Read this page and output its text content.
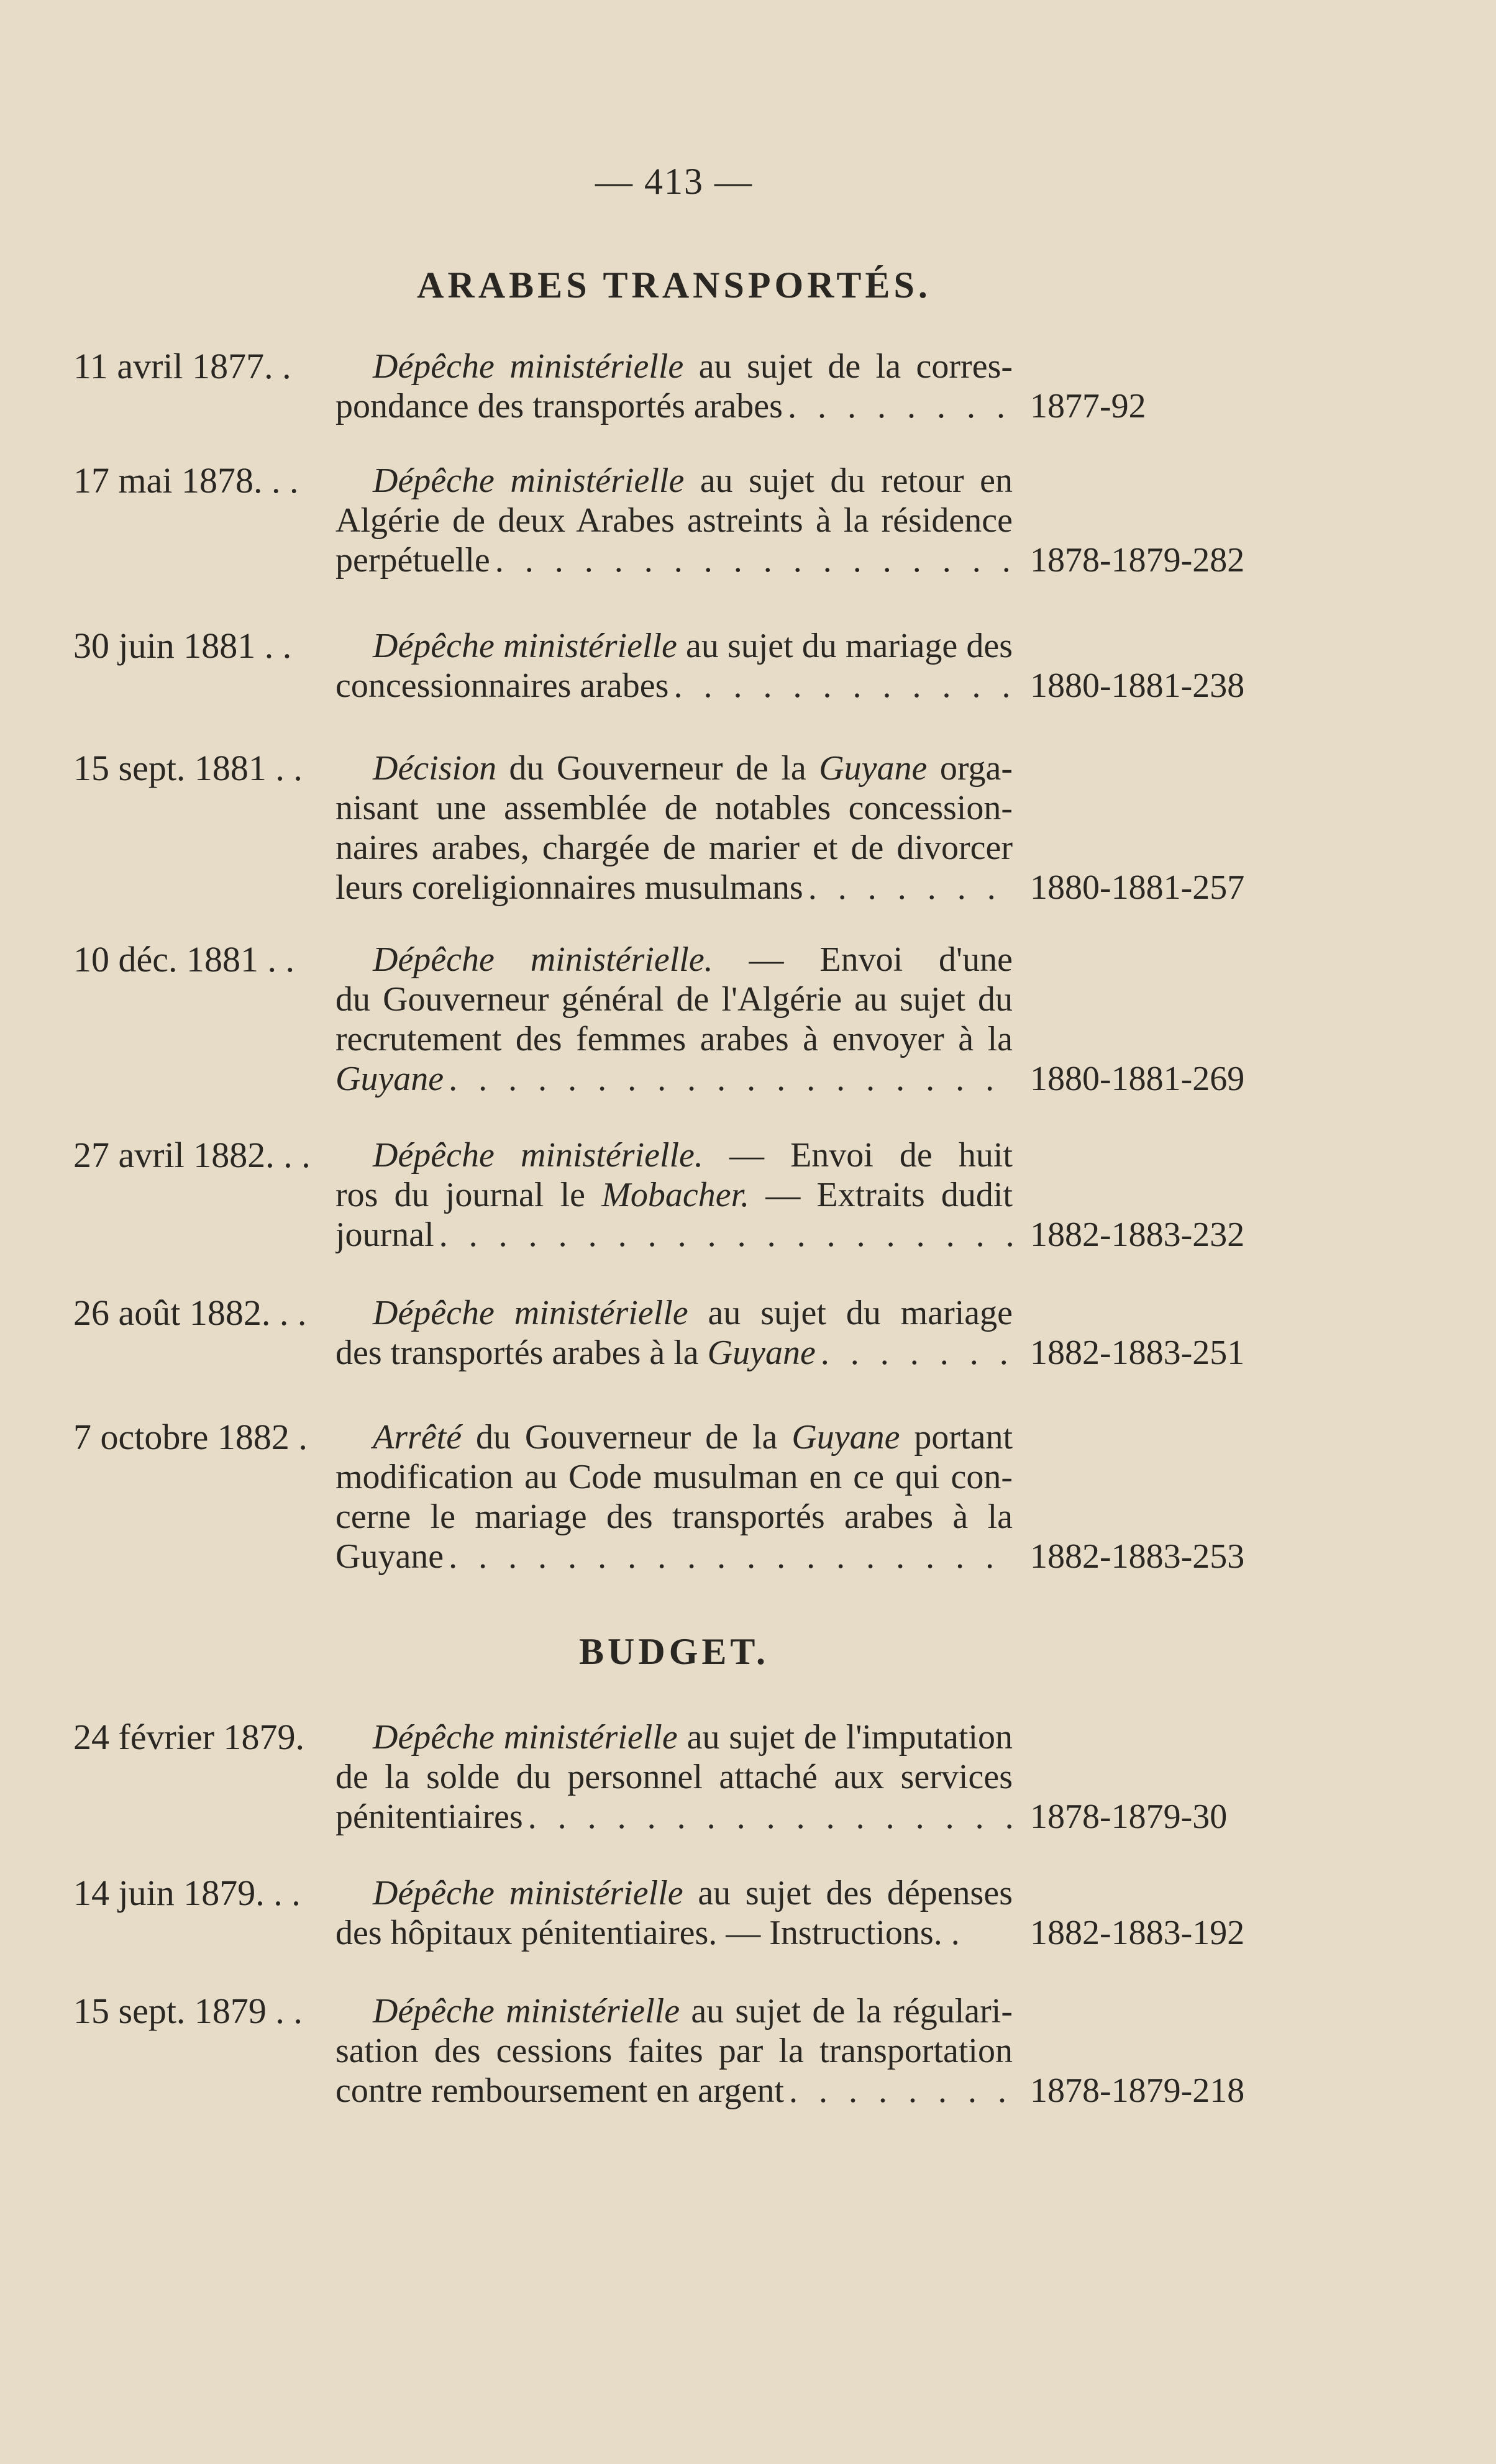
— 413 —
ARABES TRANSPORTÉS.
11 avril 1877. .	Dépêche ministérielle au sujet de la corres-
pondance des transportés arabes . . .	1877-92
17 mai 1878. . .	Dépêche ministérielle au sujet du retour en
Algérie de deux Arabes astreints à la résidence
perpétuelle . . .	1878-1879-282
30 juin 1881 . .	Dépêche ministérielle au sujet du mariage des
concessionnaires arabes . . .	1880-1881-238
15 sept. 1881 . .	Décision du Gouverneur de la Guyane orga-
nisant une assemblée de notables concession-
naires arabes, chargée de marier et de divorcer
leurs coreligionnaires musulmans . . .	1880-1881-257
10 déc. 1881 . .	Dépêche ministérielle. — Envoi d'une
du Gouverneur général de l'Algérie au sujet du
recrutement des femmes arabes à envoyer à la
Guyane . . .	1880-1881-269
27 avril 1882. . .	Dépêche ministérielle. — Envoi de huit
ros du journal le Mobacher. — Extraits dudit
journal . . .	1882-1883-232
26 août 1882. . .	Dépêche ministérielle au sujet du mariage
des transportés arabes à la Guyane . . .	1882-1883-251
7 octobre 1882 .	Arrêté du Gouverneur de la Guyane portant
modification au Code musulman en ce qui con-
cerne le mariage des transportés arabes à la
Guyane . . .	1882-1883-253
BUDGET.
24 février 1879.	Dépêche ministérielle au sujet de l'imputation
de la solde du personnel attaché aux services
pénitentiaires . . .	1878-1879-30
14 juin 1879. . .	Dépêche ministérielle au sujet des dépenses
des hôpitaux pénitentiaires. — Instructions. .	1882-1883-192
15 sept. 1879 . .	Dépêche ministérielle au sujet de la régulari-
sation des cessions faites par la transportation
contre remboursement en argent . . .	1878-1879-218
